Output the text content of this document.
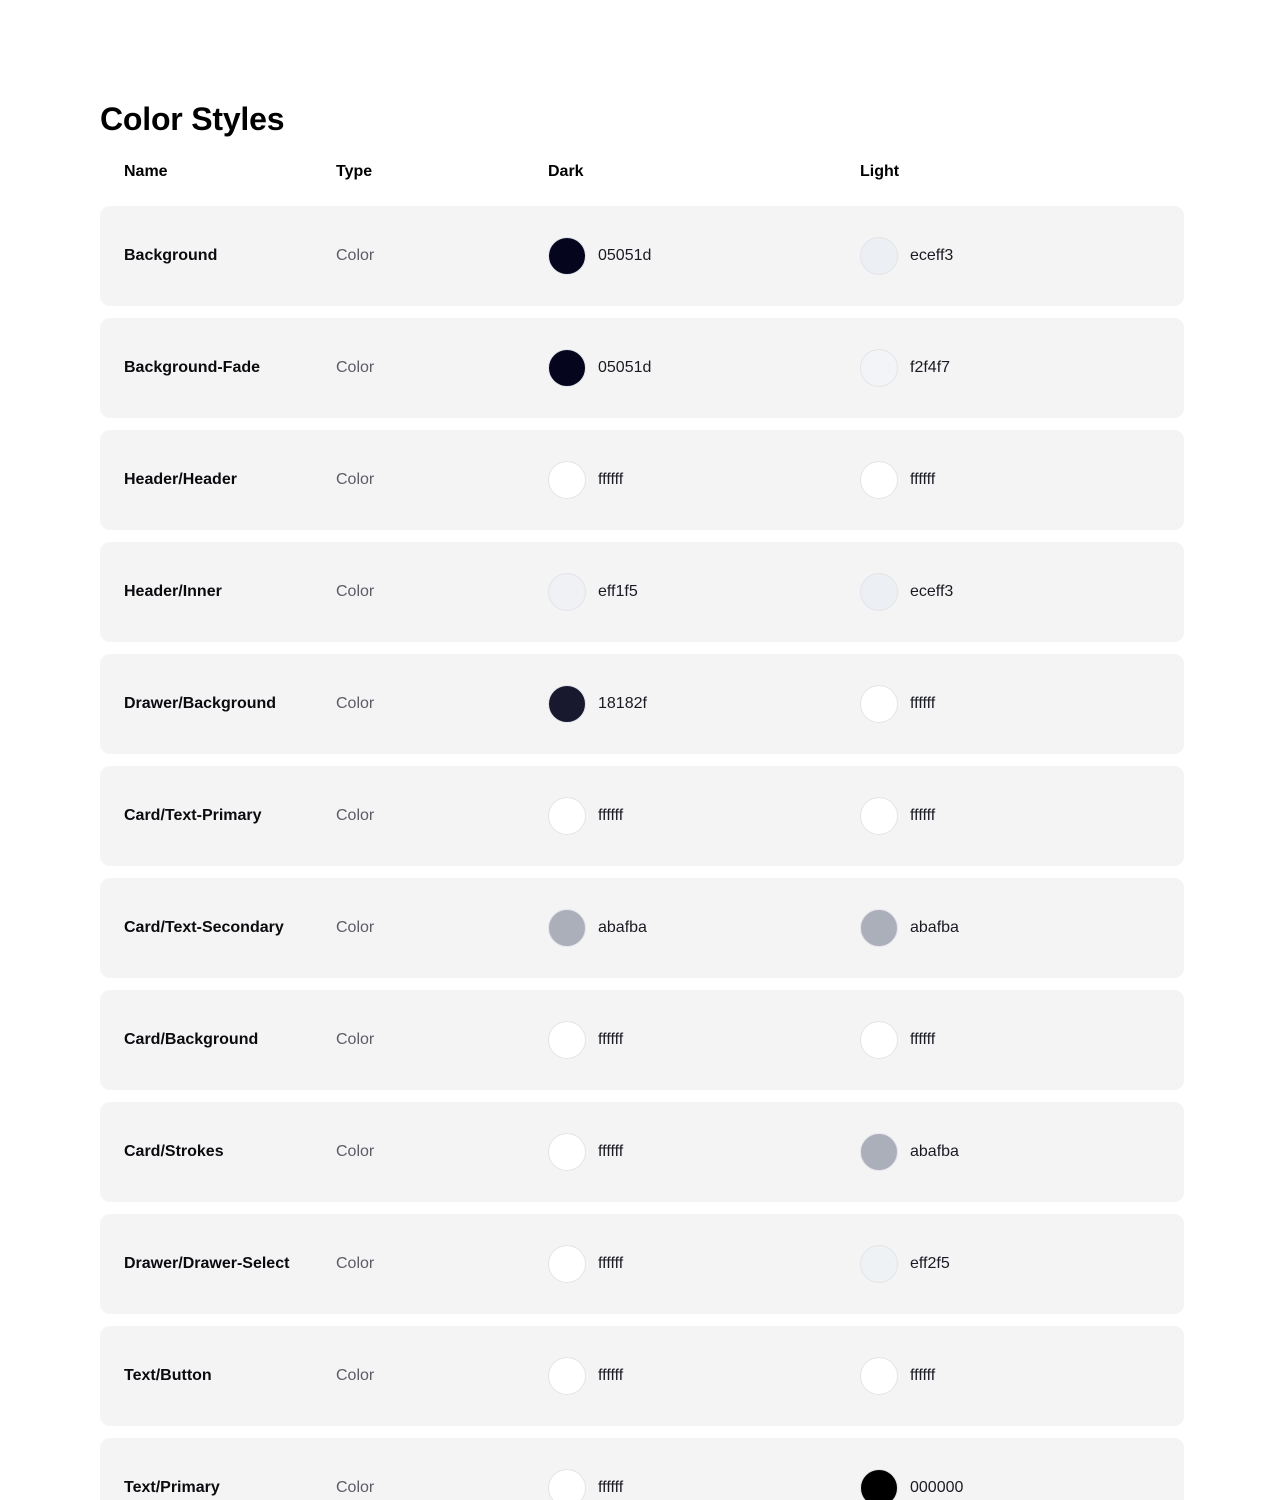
Color Styles
Name	Type	Dark	Light
Background	Color	05051d	eceff3
Background-Fade	Color	05051d	f2f4f7
Header/Header	Color	ffffff	ffffff
Header/Inner	Color	eff1f5	eceff3
Drawer/Background	Color	18182f	ffffff
Card/Text-Primary	Color	ffffff	ffffff
Card/Text-Secondary	Color	abafba	abafba
Card/Background	Color	ffffff	ffffff
Card/Strokes	Color	ffffff	abafba
Drawer/Drawer-Select	Color	ffffff	eff2f5
Text/Button	Color	ffffff	ffffff
Text/Primary	Color	ffffff	000000
